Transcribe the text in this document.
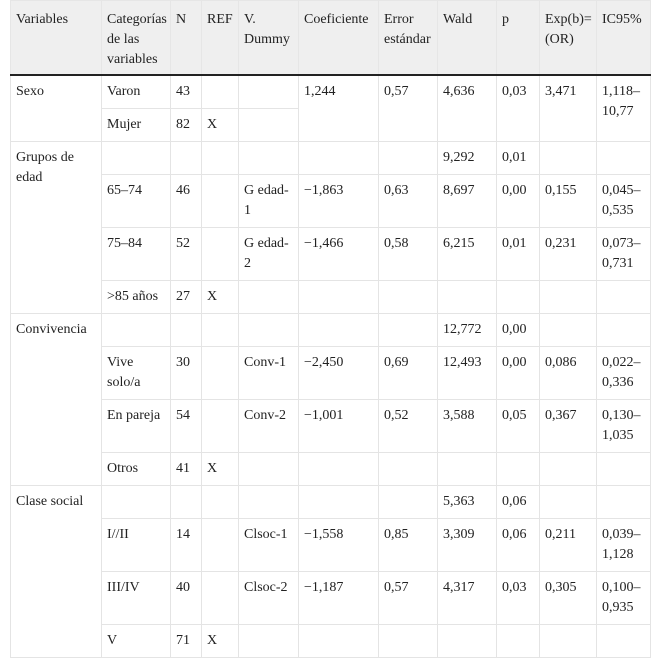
Variables	Categorías de las variables	N	REF	V. Dummy	Coeficiente	Error estándar	Wald	p	Exp(b)= (OR)	IC95%
Sexo	Varon	43			1,244	0,57	4,636	0,03	3,471	1,118–10,77
	Mujer	82	X							
Grupos de edad							9,292	0,01		
	65–74	46		G edad-1	−1,863	0,63	8,697	0,00	0,155	0,045–0,535
	75–84	52		G edad-2	−1,466	0,58	6,215	0,01	0,231	0,073–0,731
	>85 años	27	X							
Convivencia							12,772	0,00		
	Vive solo/a	30		Conv-1	−2,450	0,69	12,493	0,00	0,086	0,022–0,336
	En pareja	54		Conv-2	−1,001	0,52	3,588	0,05	0,367	0,130–1,035
	Otros	41	X							
Clase social							5,363	0,06		
	I//II	14		Clsoc-1	−1,558	0,85	3,309	0,06	0,211	0,039–1,128
	III/IV	40		Clsoc-2	−1,187	0,57	4,317	0,03	0,305	0,100–0,935
	V	71	X							
